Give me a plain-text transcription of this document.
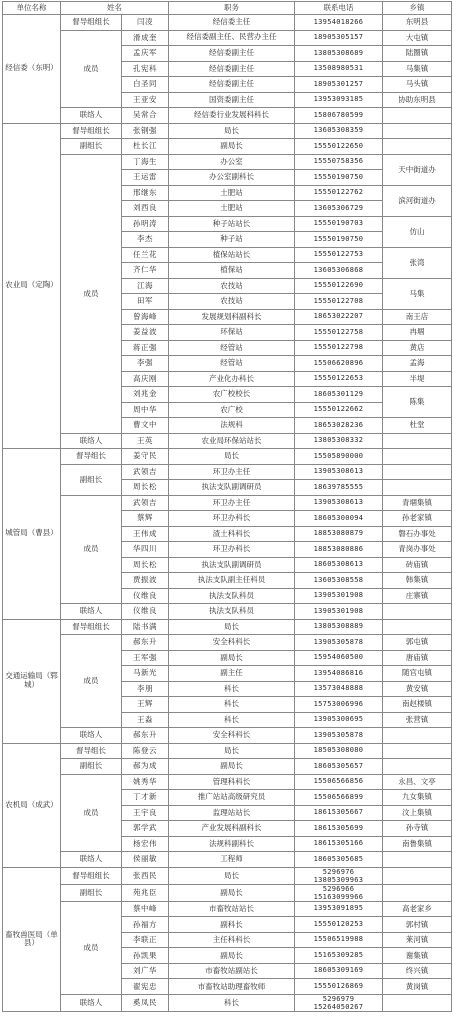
单位名称	姓名		职务	联系电话	乡镇
经信委（东明）	督导组组长	闫凌	经信委主任	13954018266	东明县
	成员	滑成奎	经信委副主任、民营办主任	18905305157	大屯镇
		孟庆军	经信委副主任	13805308689	陆圈镇
		孔宪科	经信委副主任	13508980531	马集镇
		白圣同	经信委副主任	18905301257	马头镇
		王亚安	国资委副主任	13953093185	协助东明县
	联络人	吴常合	经信委行业发展科科长	15806780599	
农业局（定陶）	督导组组长	张钢强	局长	13605308359	
	副组长	杜长江	副局长	15550122650	
	成员	丁海生	办公室	15550758356	天中街道办
		王运雷	办公室副科长	15550190750	
		邢继东	土肥站	15550122762	滨河街道办
		刘西良	土肥站	13605306729	
		孙明涛	种子站站长	15550190703	仿山
		李杰	种子站	15550190750	
		任兰花	植保站站长	15550122753	张湾
		齐仁华	植保站	13605306868	
		江海	农技站	15550122690	马集
		田军	农技站	15550122708	
		曾海峰	发展规划科副科长	18653022207	南王店
		姜益波	环保站	15550122758	冉堌
		蒋正强	经管站	15550122798	黄店
		李强	经管站	15506620896	孟海
		高庆刚	产业化办科长	15550122653	半堤
		刘兆金	农广校校长	18605301129	陈集
		周中华	农广校	15550122662	
		曹文中	法规科	18653028236	杜堂
	联络人	王英	农业局环保站站长	13805308332	
城管局（曹县）	督导组长	姜守民	局长	15505890000	
	副组长	武领吉	环卫办主任	13905308613	
		周长松	执法支队副调研员	18639785555	
	成员	武领吉	环卫办主任	13905308613	青堌集镇
		蔡辉	环卫办科长	18605300094	孙老家镇
		王伟成	渣土科科长	18853080879	磐石办事处
		华四川	环卫办科长	18853080886	青岗办事处
		周长松	执法支队副调研员	18605308613	砖庙镇
		贾振波	执法支队副主任科员	13605308558	韩集镇
		仪维良	执法支队科员	13905301908	庄寨镇
	联络人	仪维良	执法支队科员	13905301908	
交通运输局（郓城）	督导组组长	陆书满	局长	13805308889	
	成员	郝东升	安全科科长	13905305878	郭屯镇
		王军强	副局长	15954060500	唐庙镇
		马新光	副主任	13954086816	随官屯镇
		李朋	科长	13573048888	黄安镇
		王辉	科长	15753006996	南赵楼镇
		王淼	科长	13905300695	张营镇
	联络人	郝东升	安全科科长	13905305878	
农机局（成武）	督导组长	陈登云	局长	18505308080	
	副组长	郝为成	副局长	18605305657	
	成员	姚秀华	管理科科长	15506566856	永昌、文亭
		丁才新	推广站站高级研究员	15506566899	九女集镇
		王宇良	监理站站长	18615305667	汶上集镇
		郭学武	产业发展科副科长	18615305699	孙寺镇
		杨宏伟	法规科副科长	18615305166	南鲁集镇
	联络人	侯丽敏	工程师	18605305685	
畜牧兽医局（单县）	督导组组长	张西民	局长	5296976 13805309963	
	副组长	苑兆臣	副局长	5296966 15163099966	
	成员	蔡中峰	市畜牧站站长	13953091895	高老家乡
		孙福方	副科长	15550120253	郭村镇
		李联正	主任科科长	15506519988	莱河镇
		孙凯果	副局长	15165309285	谢集镇
		刘广华	市畜牧站副站长	18605309169	终兴镇
		翟宪忠	市畜牧站助理畜牧师	15550126869	黄岗镇
	联络人	奚凤民	科长	5296979 15264050267	
